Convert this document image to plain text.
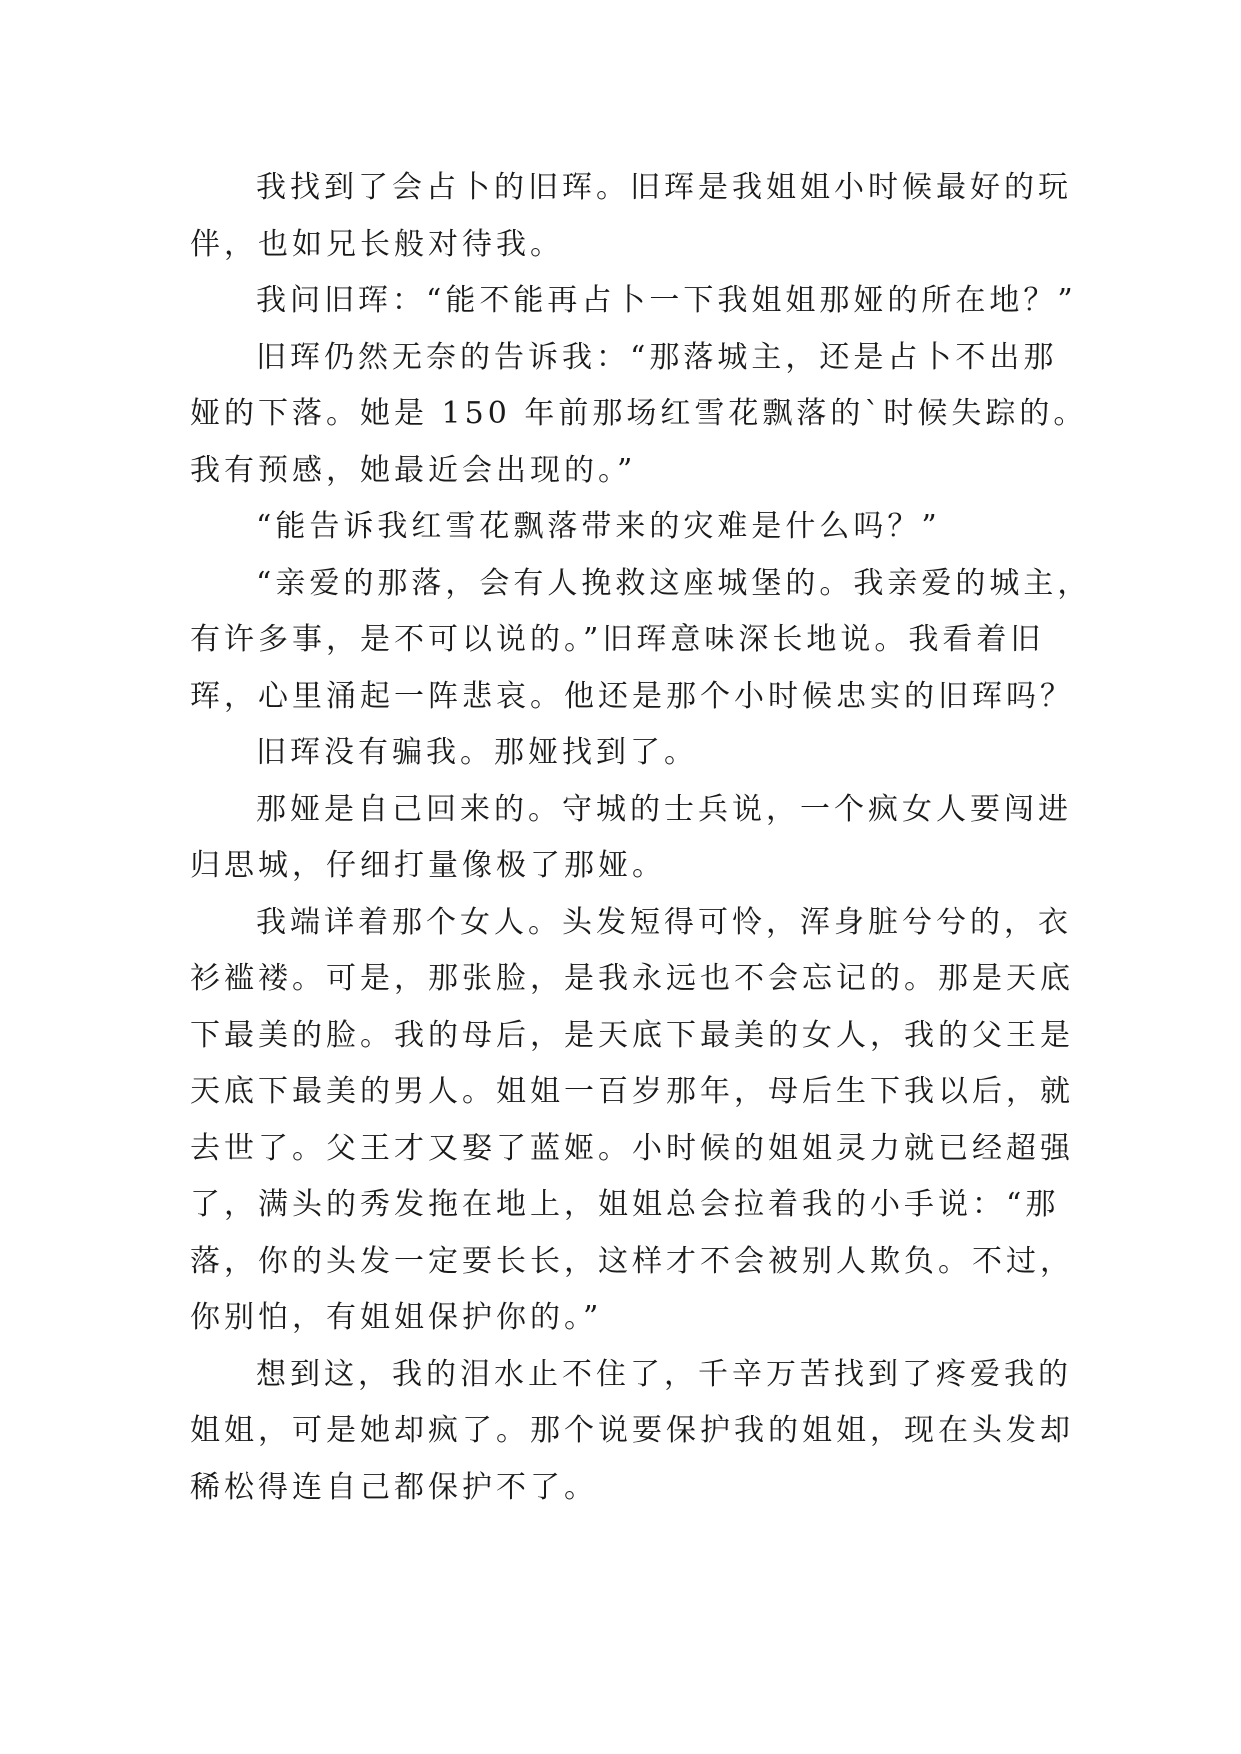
我找到了会占卜的旧珲。旧珲是我姐姐小时候最好的玩
伴，也如兄长般对待我。
我问旧珲：“能不能再占卜一下我姐姐那娅的所在地？”
旧珲仍然无奈的告诉我：“那落城主，还是占卜不出那
娅的下落。她是 150 年前那场红雪花飘落的`时候失踪的。
我有预感，她最近会出现的。”
“能告诉我红雪花飘落带来的灾难是什么吗？”
“亲爱的那落，会有人挽救这座城堡的。我亲爱的城主，
有许多事，是不可以说的。”旧珲意味深长地说。我看着旧
珲，心里涌起一阵悲哀。他还是那个小时候忠实的旧珲吗？
旧珲没有骗我。那娅找到了。
那娅是自己回来的。守城的士兵说，一个疯女人要闯进
归思城，仔细打量像极了那娅。
我端详着那个女人。头发短得可怜，浑身脏兮兮的，衣
衫褴褛。可是，那张脸，是我永远也不会忘记的。那是天底
下最美的脸。我的母后，是天底下最美的女人，我的父王是
天底下最美的男人。姐姐一百岁那年，母后生下我以后，就
去世了。父王才又娶了蓝姬。小时候的姐姐灵力就已经超强
了，满头的秀发拖在地上，姐姐总会拉着我的小手说：“那
落，你的头发一定要长长，这样才不会被别人欺负。不过，
你别怕，有姐姐保护你的。”
想到这，我的泪水止不住了，千辛万苦找到了疼爱我的
姐姐，可是她却疯了。那个说要保护我的姐姐，现在头发却
稀松得连自己都保护不了。
